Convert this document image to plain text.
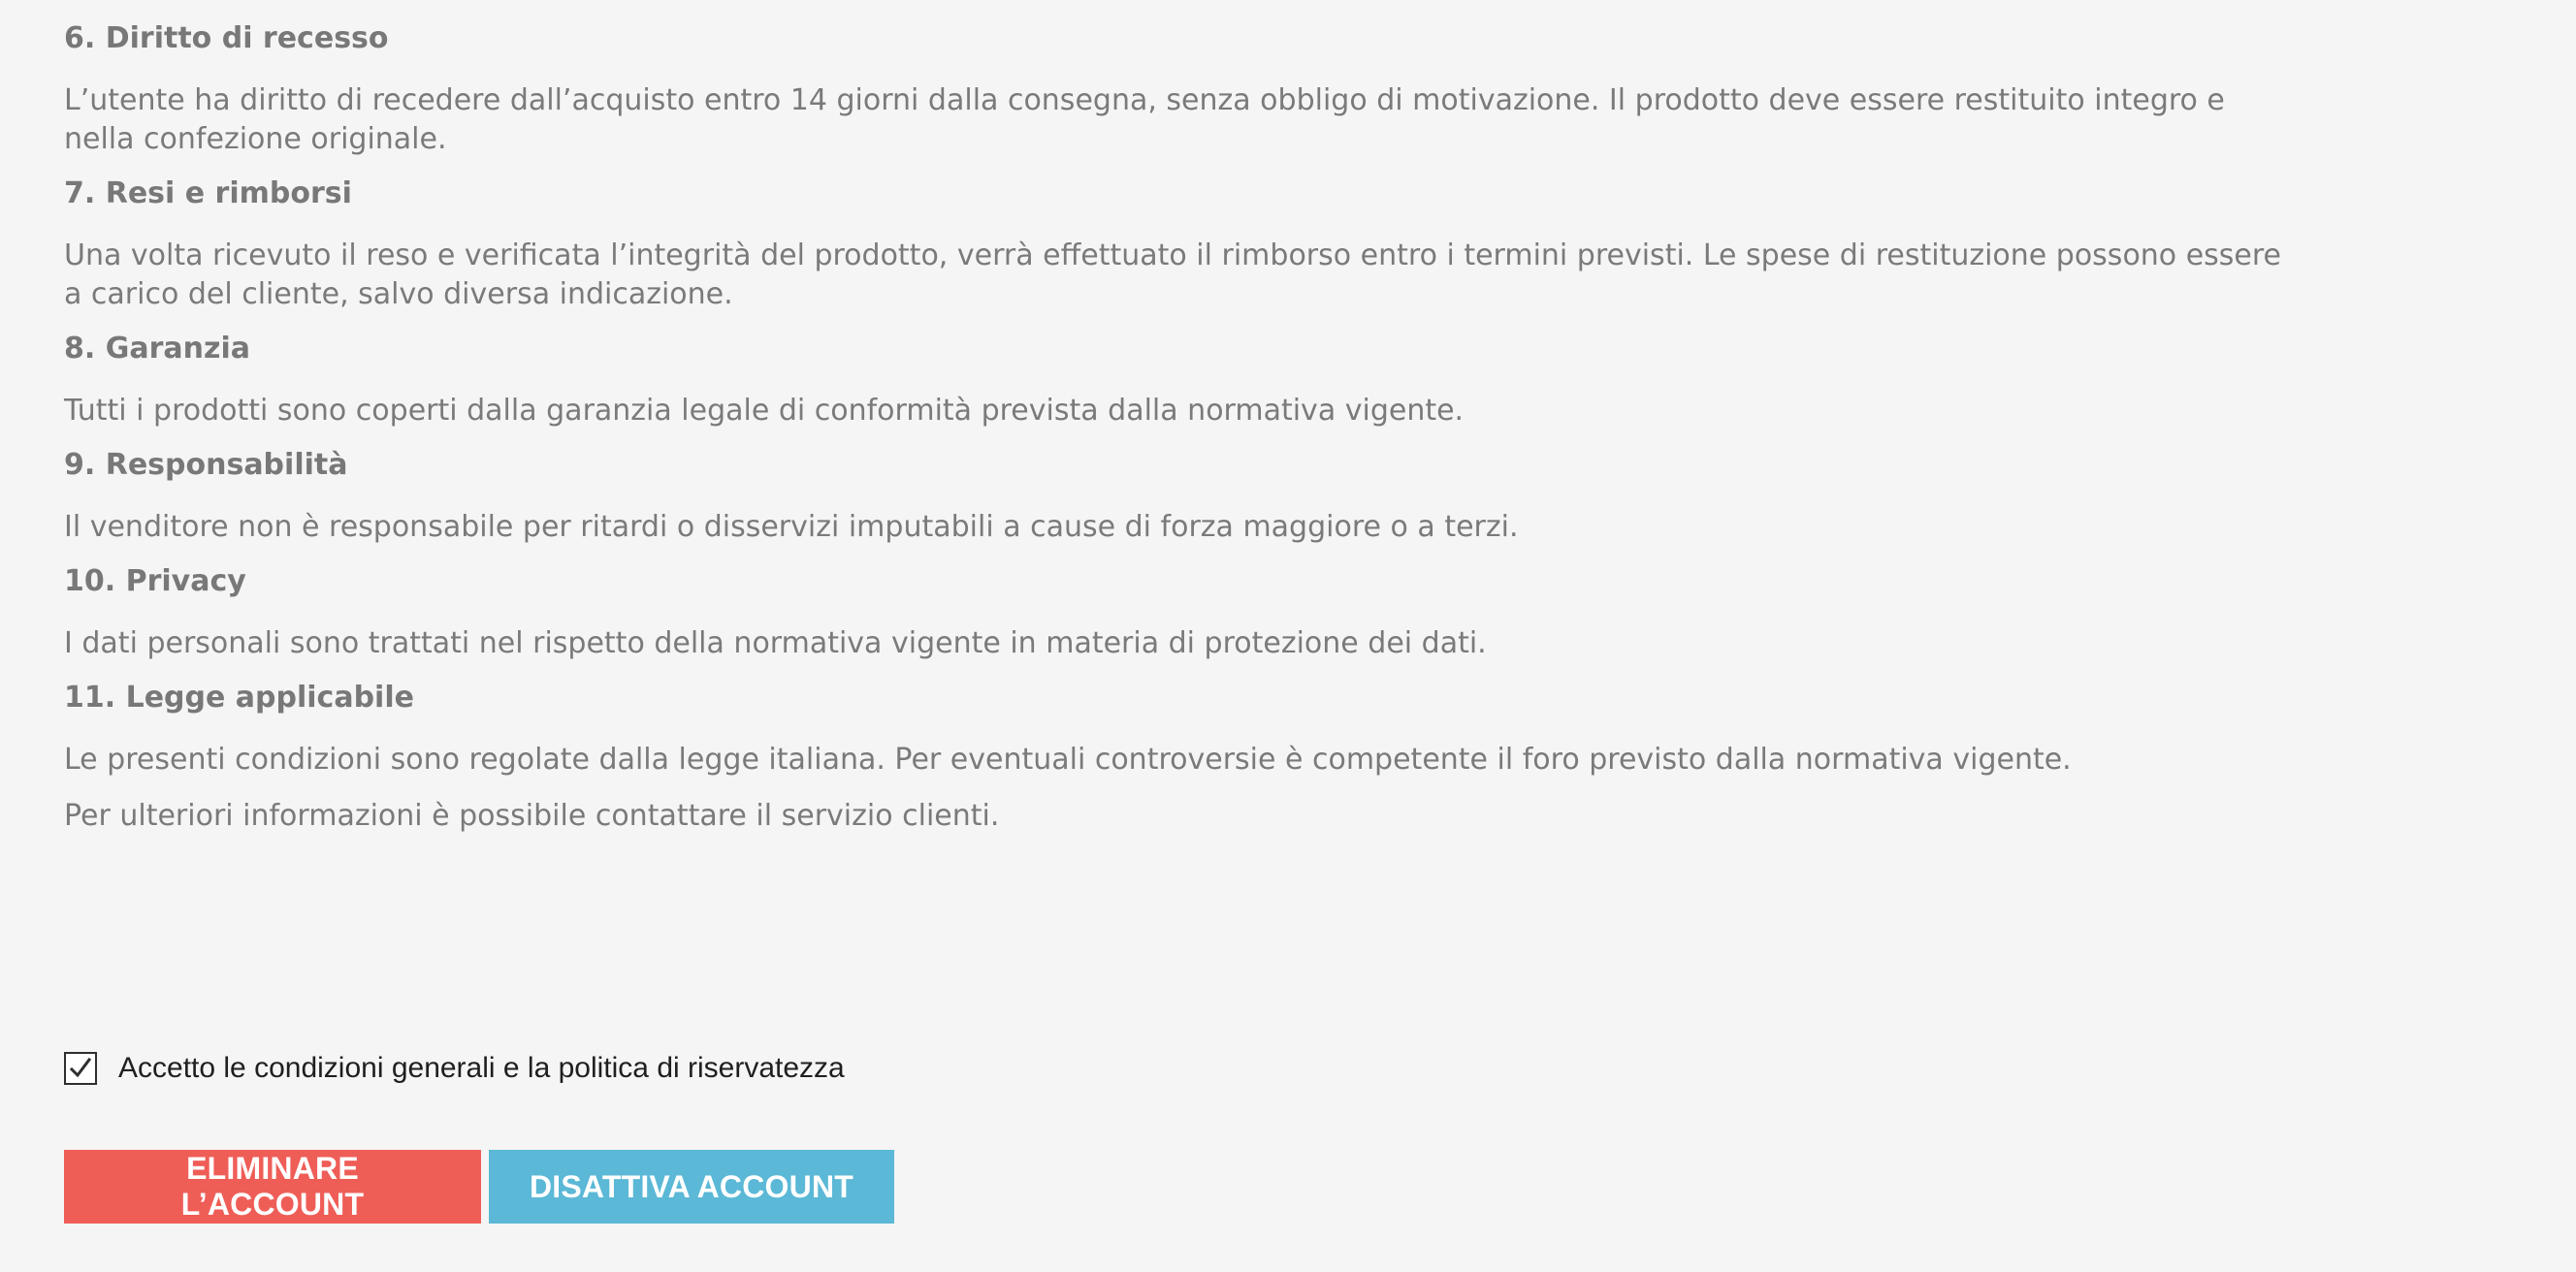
6. Diritto di recesso

L’utente ha diritto di recedere dall’acquisto entro 14 giorni dalla consegna, senza obbligo di motivazione. Il prodotto deve essere restituito integro e nella confezione originale.

7. Resi e rimborsi

Una volta ricevuto il reso e verificata l’integrità del prodotto, verrà effettuato il rimborso entro i termini previsti. Le spese di restituzione possono essere a carico del cliente, salvo diversa indicazione.

8. Garanzia

Tutti i prodotti sono coperti dalla garanzia legale di conformità prevista dalla normativa vigente.

9. Responsabilità

Il venditore non è responsabile per ritardi o disservizi imputabili a cause di forza maggiore o a terzi.

10. Privacy

I dati personali sono trattati nel rispetto della normativa vigente in materia di protezione dei dati.

11. Legge applicabile

Le presenti condizioni sono regolate dalla legge italiana. Per eventuali controversie è competente il foro previsto dalla normativa vigente.

Per ulteriori informazioni è possibile contattare il servizio clienti.

Accetto le condizioni generali e la politica di riservatezza
ELIMINARE L’ACCOUNT
DISATTIVA ACCOUNT
